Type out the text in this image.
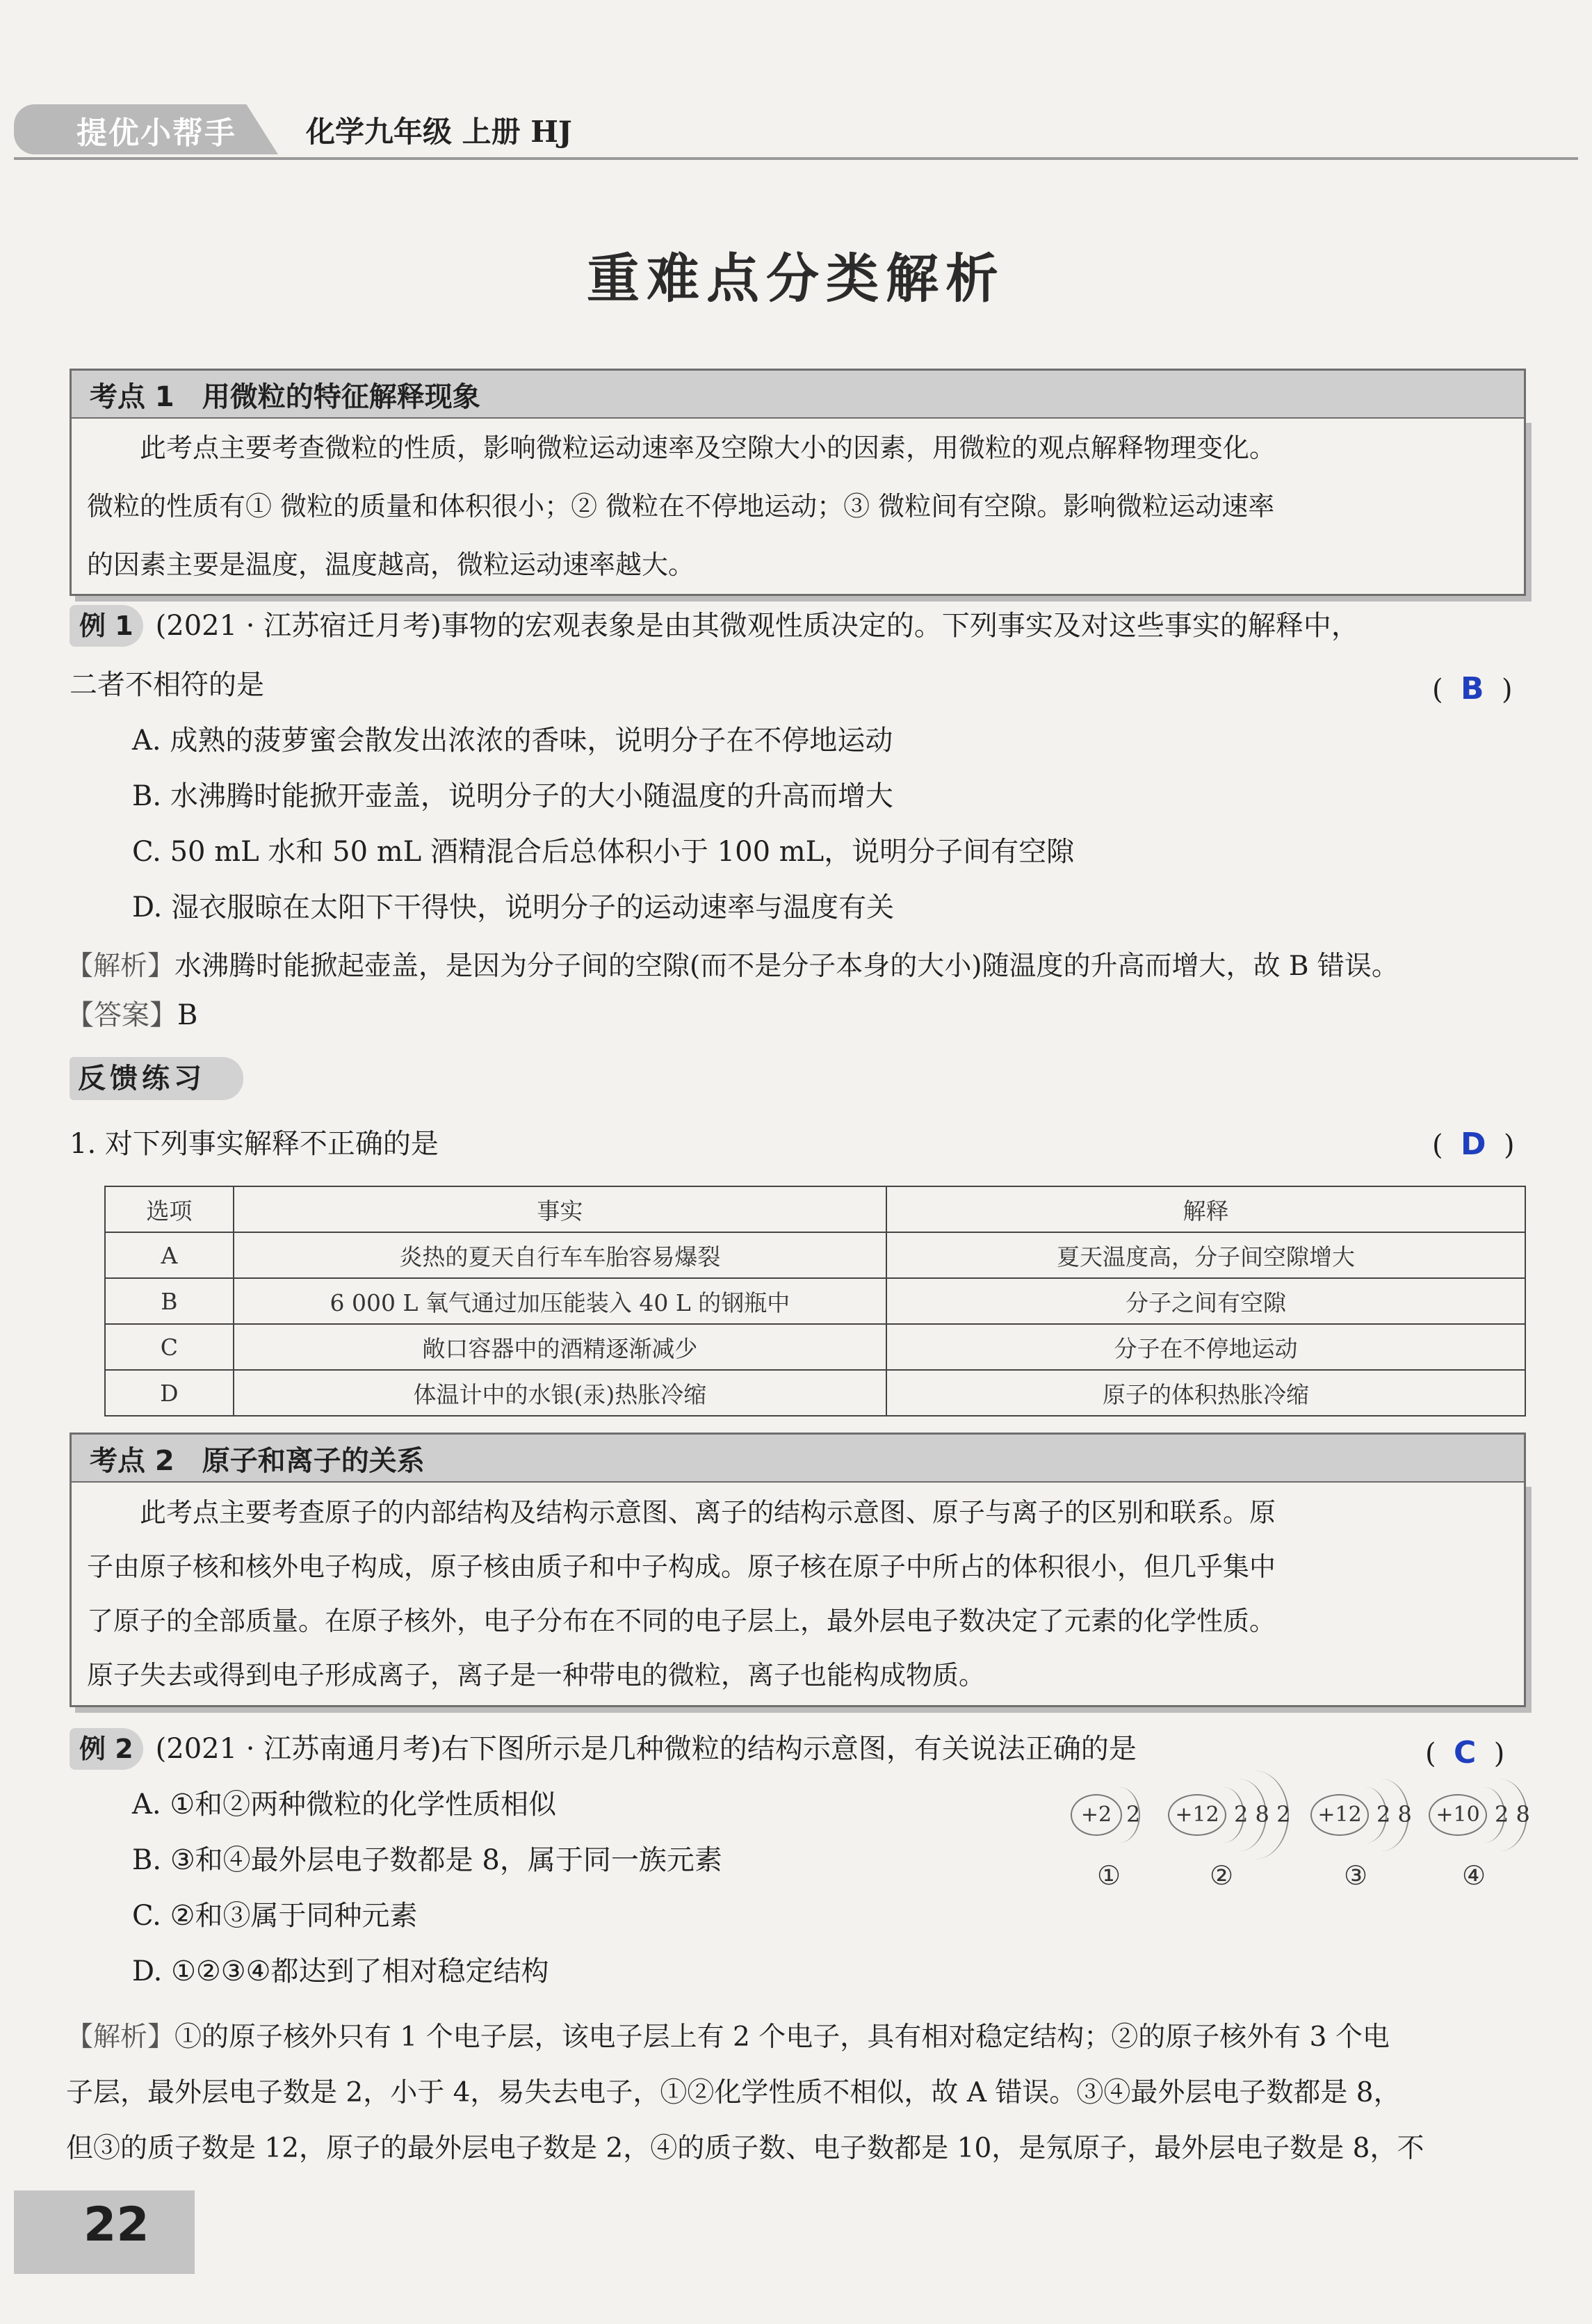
提优小帮手 化学九年级 上册 HJ
重难点分类解析
考点 1　用微粒的特征解释现象
此考点主要考查微粒的性质，影响微粒运动速率及空隙大小的因素，用微粒的观点解释物理变化。
微粒的性质有① 微粒的质量和体积很小；② 微粒在不停地运动；③ 微粒间有空隙。影响微粒运动速率
的因素主要是温度，温度越高，微粒运动速率越大。
例 1 (2021 · 江苏宿迁月考)事物的宏观表象是由其微观性质决定的。下列事实及对这些事实的解释中，
二者不相符的是	( B )
A. 成熟的菠萝蜜会散发出浓浓的香味，说明分子在不停地运动
B. 水沸腾时能掀开壶盖，说明分子的大小随温度的升高而增大
C. 50 mL 水和 50 mL 酒精混合后总体积小于 100 mL，说明分子间有空隙
D. 湿衣服晾在太阳下干得快，说明分子的运动速率与温度有关
【解析】水沸腾时能掀起壶盖，是因为分子间的空隙(而不是分子本身的大小)随温度的升高而增大，故 B 错误。
【答案】B
反馈练习
1. 对下列事实解释不正确的是	( D )
选项	事实	解释
A	炎热的夏天自行车车胎容易爆裂	夏天温度高，分子间空隙增大
B	6 000 L 氧气通过加压能装入 40 L 的钢瓶中	分子之间有空隙
C	敞口容器中的酒精逐渐减少	分子在不停地运动
D	体温计中的水银(汞)热胀冷缩	原子的体积热胀冷缩
考点 2　原子和离子的关系
此考点主要考查原子的内部结构及结构示意图、离子的结构示意图、原子与离子的区别和联系。原
子由原子核和核外电子构成，原子核由质子和中子构成。原子核在原子中所占的体积很小，但几乎集中
了原子的全部质量。在原子核外，电子分布在不同的电子层上，最外层电子数决定了元素的化学性质。
原子失去或得到电子形成离子，离子是一种带电的微粒，离子也能构成物质。
例 2 (2021 · 江苏南通月考)右下图所示是几种微粒的结构示意图，有关说法正确的是	( C )
A. ①和②两种微粒的化学性质相似
B. ③和④最外层电子数都是 8，属于同一族元素
C. ②和③属于同种元素
D. ①②③④都达到了相对稳定结构
+2 2
①
+12 2 8 2
②
+12 2 8
③
+10 2 8
④
【解析】①的原子核外只有 1 个电子层，该电子层上有 2 个电子，具有相对稳定结构；②的原子核外有 3 个电
子层，最外层电子数是 2，小于 4，易失去电子，①②化学性质不相似，故 A 错误。③④最外层电子数都是 8，
但③的质子数是 12，原子的最外层电子数是 2，④的质子数、电子数都是 10，是氖原子，最外层电子数是 8，不
22
